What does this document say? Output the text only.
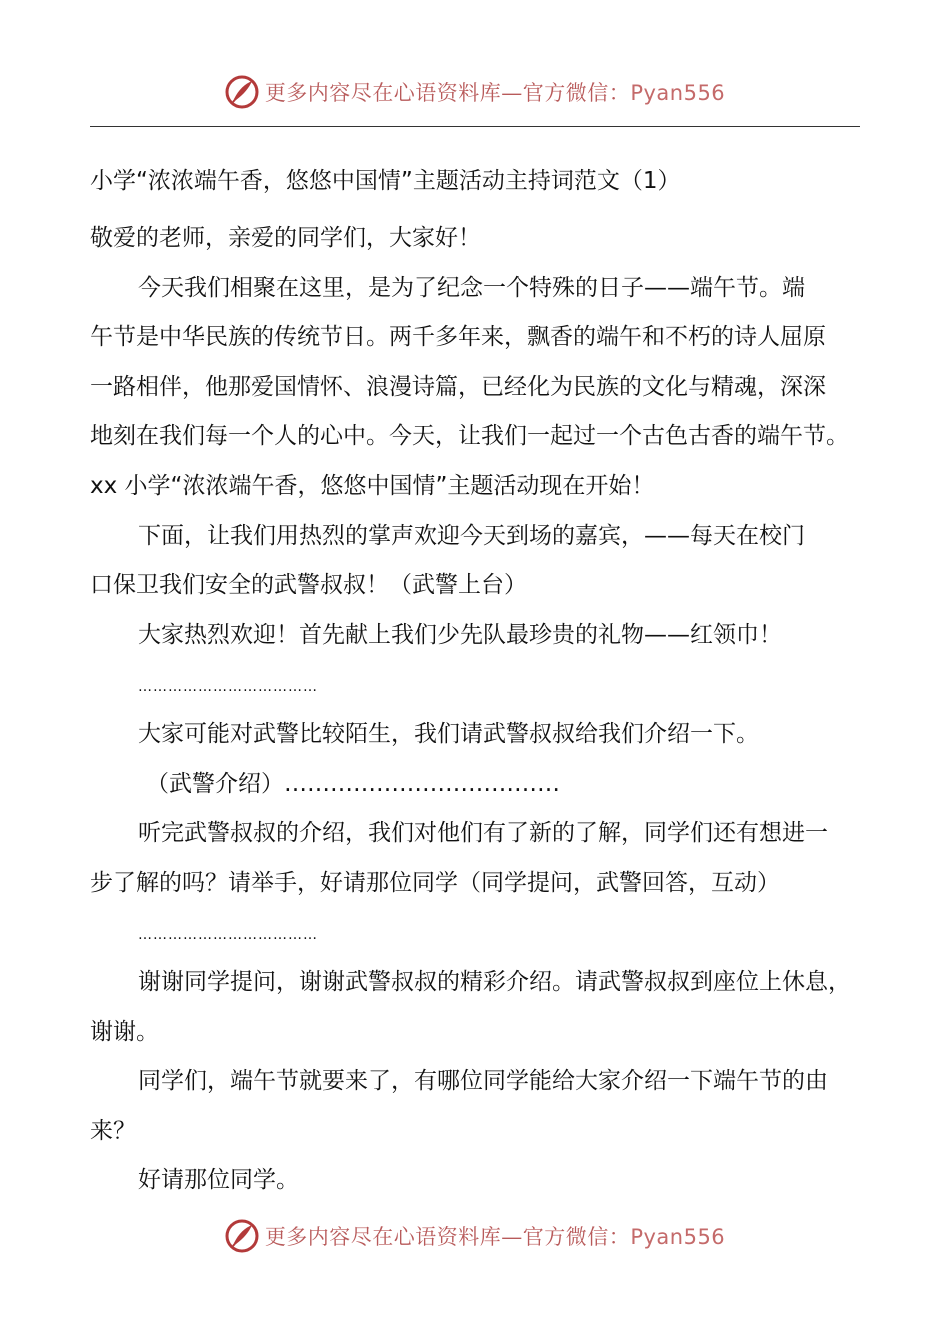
更多内容尽在心语资料库—官方微信：Pyan556
小学“浓浓端午香，悠悠中国情”主题活动主持词范文（1）
敬爱的老师，亲爱的同学们，大家好！
今天我们相聚在这里，是为了纪念一个特殊的日子——端午节。端
午节是中华民族的传统节日。两千多年来，飘香的端午和不朽的诗人屈原
一路相伴，他那爱国情怀、浪漫诗篇，已经化为民族的文化与精魂，深深
地刻在我们每一个人的心中。今天，让我们一起过一个古色古香的端午节。
xx 小学“浓浓端午香，悠悠中国情”主题活动现在开始！
下面，让我们用热烈的掌声欢迎今天到场的嘉宾，——每天在校门
口保卫我们安全的武警叔叔！（武警上台）
大家热烈欢迎！首先献上我们少先队最珍贵的礼物——红领巾！
………………………………
大家可能对武警比较陌生，我们请武警叔叔给我们介绍一下。
（武警介绍）………………………………
听完武警叔叔的介绍，我们对他们有了新的了解，同学们还有想进一
步了解的吗？请举手，好请那位同学（同学提问，武警回答，互动）
………………………………
谢谢同学提问，谢谢武警叔叔的精彩介绍。请武警叔叔到座位上休息，
谢谢。
同学们，端午节就要来了，有哪位同学能给大家介绍一下端午节的由
来？
好请那位同学。
更多内容尽在心语资料库—官方微信：Pyan556
